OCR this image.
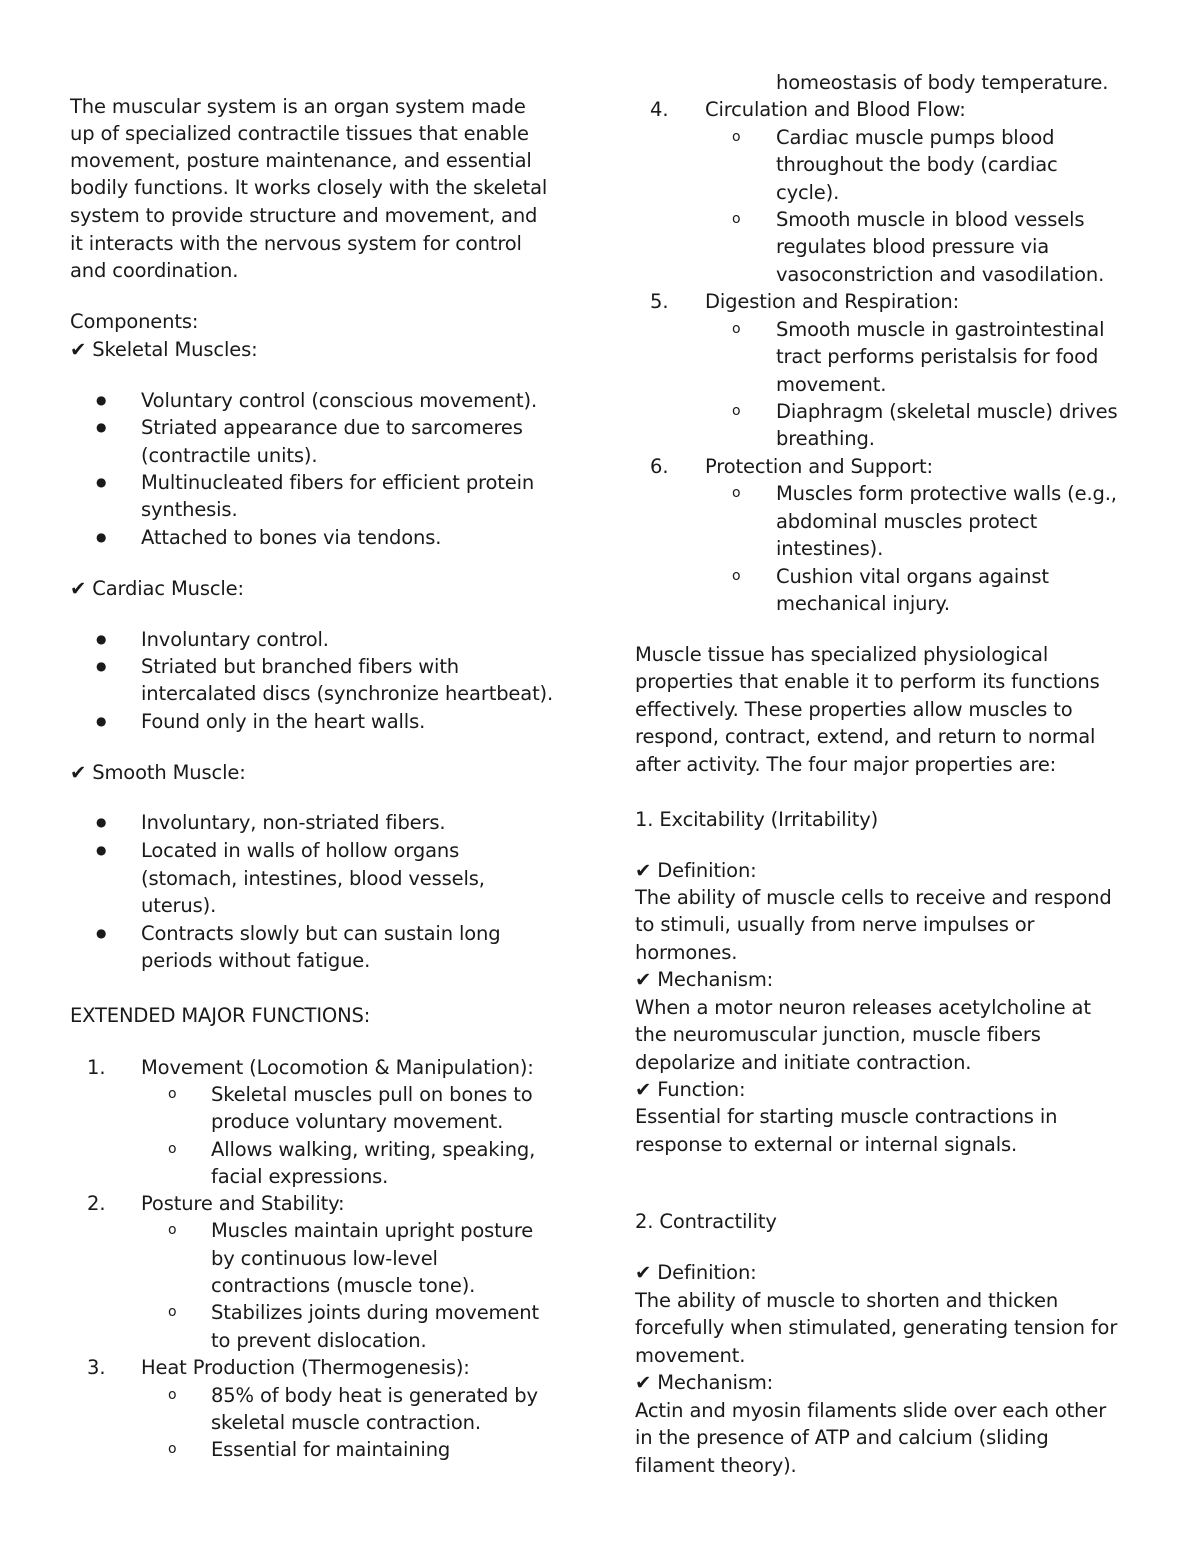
The muscular system is an organ system made
up of specialized contractile tissues that enable
movement, posture maintenance, and essential
bodily functions. It works closely with the skeletal
system to provide structure and movement, and
it interacts with the nervous system for control
and coordination.
Components:
✔ Skeletal Muscles:
● Voluntary control (conscious movement).
● Striated appearance due to sarcomeres
(contractile units).
● Multinucleated fibers for efficient protein
synthesis.
● Attached to bones via tendons.
✔ Cardiac Muscle:
● Involuntary control.
● Striated but branched fibers with
intercalated discs (synchronize heartbeat).
● Found only in the heart walls.
✔ Smooth Muscle:
● Involuntary, non-striated fibers.
● Located in walls of hollow organs
(stomach, intestines, blood vessels,
uterus).
● Contracts slowly but can sustain long
periods without fatigue.
EXTENDED MAJOR FUNCTIONS:
1. Movement (Locomotion & Manipulation):
o Skeletal muscles pull on bones to
produce voluntary movement.
o Allows walking, writing, speaking,
facial expressions.
2. Posture and Stability:
o Muscles maintain upright posture
by continuous low-level
contractions (muscle tone).
o Stabilizes joints during movement
to prevent dislocation.
3. Heat Production (Thermogenesis):
o 85% of body heat is generated by
skeletal muscle contraction.
o Essential for maintaining
homeostasis of body temperature.
4. Circulation and Blood Flow:
o Cardiac muscle pumps blood
throughout the body (cardiac
cycle).
o Smooth muscle in blood vessels
regulates blood pressure via
vasoconstriction and vasodilation.
5. Digestion and Respiration:
o Smooth muscle in gastrointestinal
tract performs peristalsis for food
movement.
o Diaphragm (skeletal muscle) drives
breathing.
6. Protection and Support:
o Muscles form protective walls (e.g.,
abdominal muscles protect
intestines).
o Cushion vital organs against
mechanical injury.
Muscle tissue has specialized physiological
properties that enable it to perform its functions
effectively. These properties allow muscles to
respond, contract, extend, and return to normal
after activity. The four major properties are:
1. Excitability (Irritability)
✔ Definition:
The ability of muscle cells to receive and respond
to stimuli, usually from nerve impulses or
hormones.
✔ Mechanism:
When a motor neuron releases acetylcholine at
the neuromuscular junction, muscle fibers
depolarize and initiate contraction.
✔ Function:
Essential for starting muscle contractions in
response to external or internal signals.
2. Contractility
✔ Definition:
The ability of muscle to shorten and thicken
forcefully when stimulated, generating tension for
movement.
✔ Mechanism:
Actin and myosin filaments slide over each other
in the presence of ATP and calcium (sliding
filament theory).
